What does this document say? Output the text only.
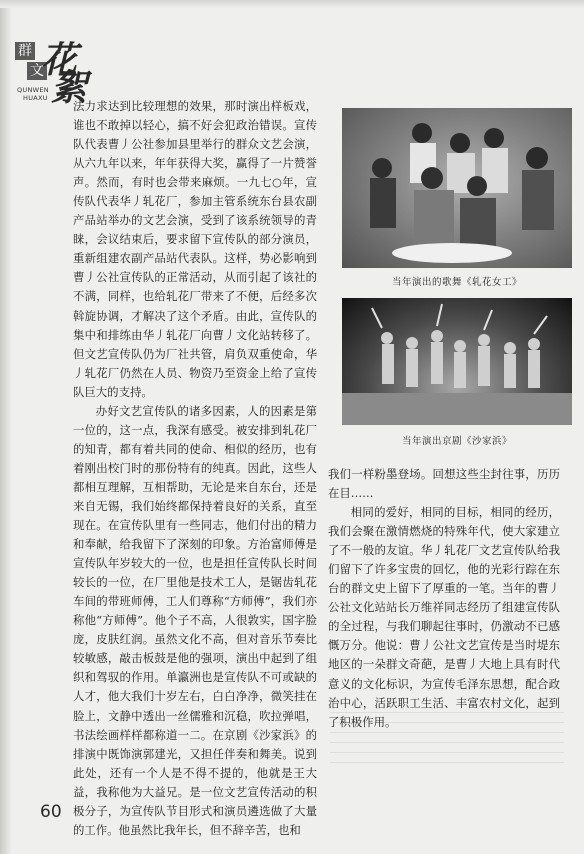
群
文
花
絮
QUNWEN
HUAXU

法力求达到比较理想的效果，那时演出样板戏，谁也不敢掉以轻心，搞不好会犯政治错误。宣传队代表曹丿公社参加县里举行的群众文艺会演，从六九年以来，年年获得大奖，赢得了一片赞誉声。然而，有时也会带来麻烦。一九七○年，宣传队代表华丿轧花厂，参加主管系统东台县农副产品站举办的文艺会演，受到了该系统领导的青睐，会议结束后，要求留下宣传队的部分演员，重新组建农副产品站代表队。这样，势必影响到曹丿公社宣传队的正常活动，从而引起了该社的不满，同样，也给轧花厂带来了不便，后经多次斡旋协调，才解决了这个矛盾。由此，宣传队的集中和排练由华丿轧花厂向曹丿文化站转移了。但文艺宣传队仍为厂社共管，肩负双重使命，华丿轧花厂仍然在人员、物资乃至资金上给了宣传队巨大的支持。

办好文艺宣传队的诸多因素，人的因素是第一位的，这一点，我深有感受。被安排到轧花厂的知青，都有着共同的使命、相似的经历，也有着刚出校门时的那份特有的纯真。因此，这些人都相互理解，互相帮助，无论是来自东台，还是来自无锡，我们始终都保持着良好的关系，直至现在。在宣传队里有一些同志，他们付出的精力和奉献，给我留下了深刻的印象。方治富师傅是宣传队年岁较大的一位，也是担任宣传队长时间较长的一位，在厂里他是技术工人，是锯齿轧花车间的带班师傅，工人们尊称“方师傅”，我们亦称他“方师傅”。他个子不高，人很敦实，国字脸庞，皮肤红润。虽然文化不高，但对音乐节奏比较敏感，敲击板鼓是他的强项，演出中起到了组织和驾驭的作用。单瀛洲也是宣传队不可或缺的人才，他大我们十岁左右，白白净净，微笑挂在脸上，文静中透出一丝儒雅和沉稳，吹拉弹唱，书法绘画样样都称道一二。在京剧《沙家浜》的排演中既饰演郭建光，又担任伴奏和舞美。说到此处，还有一个人是不得不提的，他就是王大益，我称他为大益兄。是一位文艺宣传活动的积极分子，为宣传队节目形式和演员遴选做了大量的工作。他虽然比我年长，但不辞辛苦，也和

当年演出的歌舞《轧花女工》
当年演出京剧《沙家浜》

我们一样粉墨登场。回想这些尘封往事，历历在目……

相同的爱好，相同的目标，相同的经历，我们会聚在激情燃烧的特殊年代，使大家建立了不一般的友谊。华丿轧花厂文艺宣传队给我们留下了许多宝贵的回忆，他的光彩行踪在东台的群文史上留下了厚重的一笔。当年的曹丿公社文化站站长万维祥同志经历了组建宣传队的全过程，与我们聊起往事时，仍激动不已感慨万分。他说：曹丿公社文艺宣传是当时堤东地区的一朵群文奇葩，是曹丿大地上具有时代意义的文化标识，为宣传毛泽东思想，配合政治中心，活跃职工生活、丰富农村文化，起到了积极作用。

60
